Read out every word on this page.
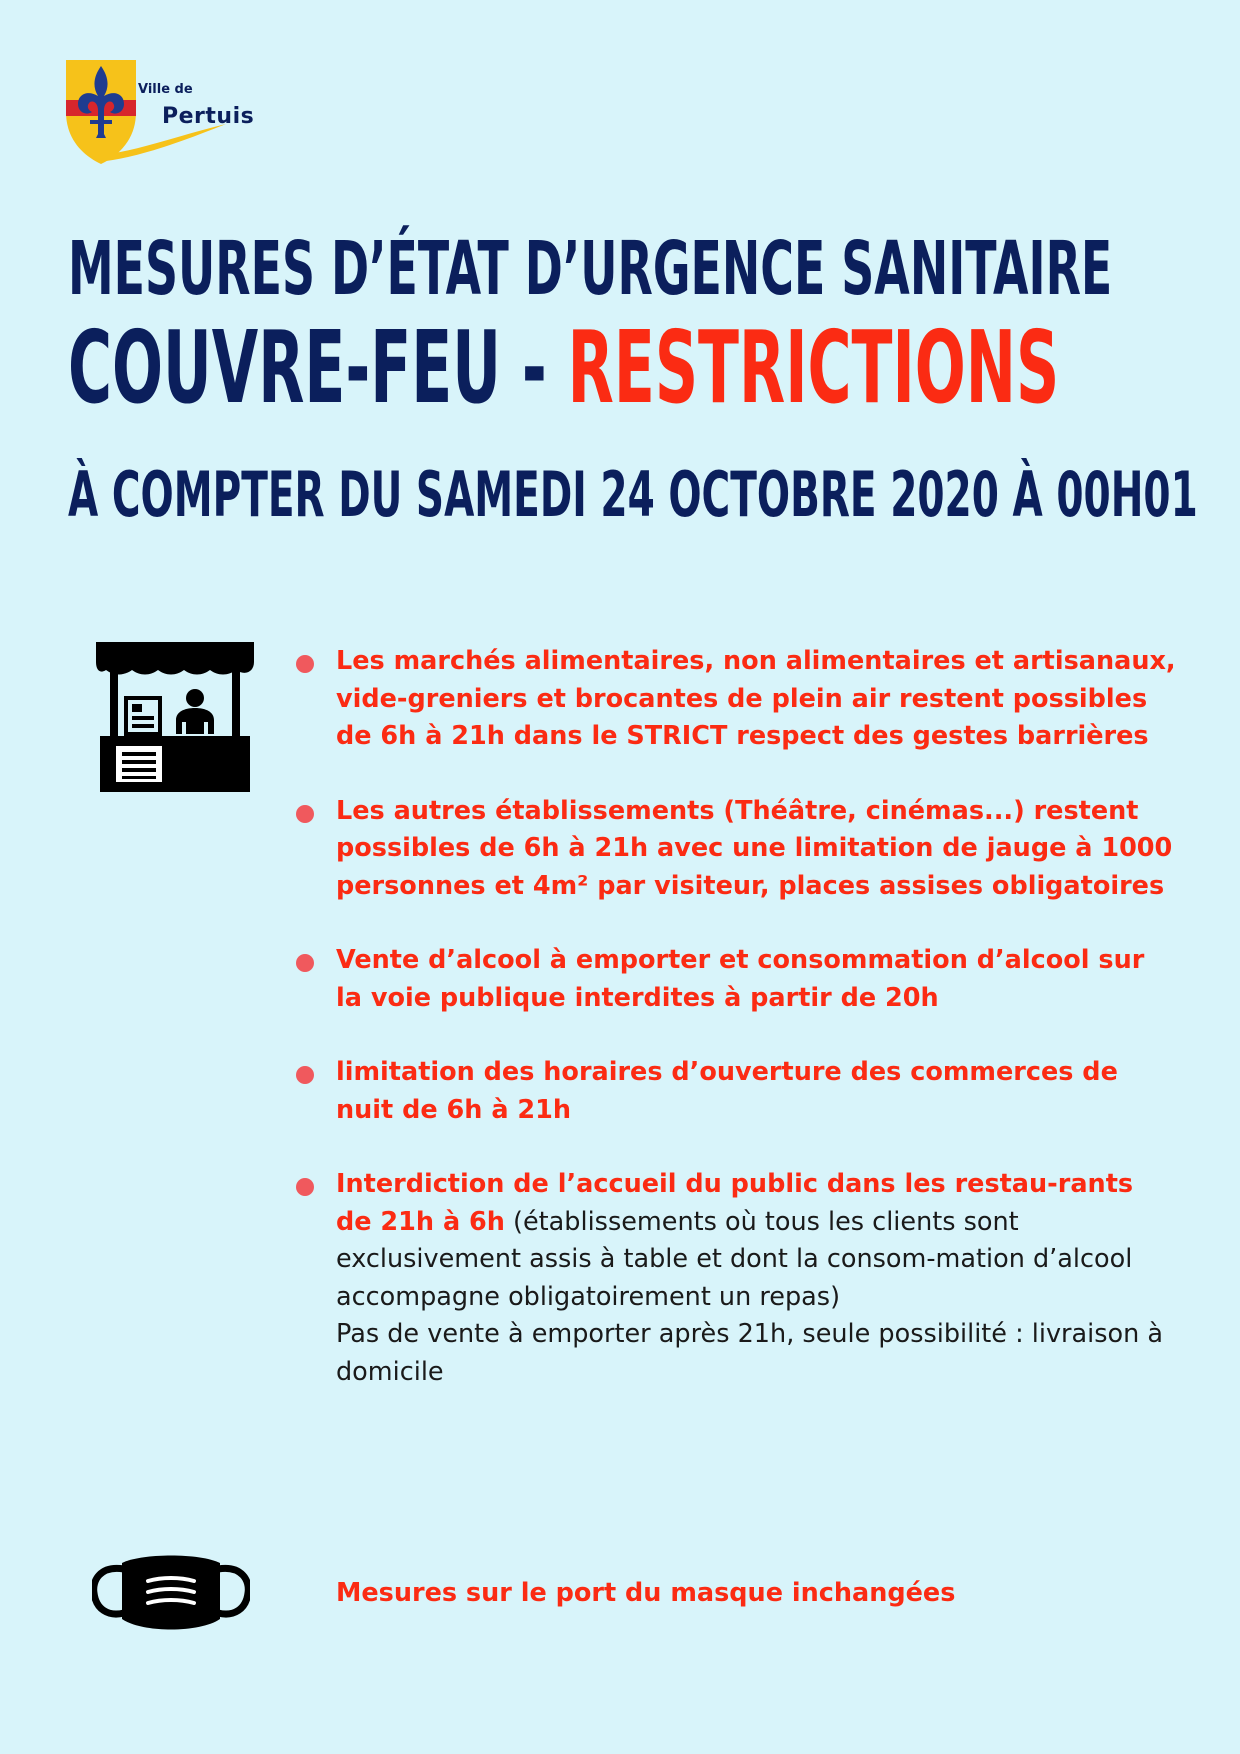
Ville de
Pertuis
MESURES D’ÉTAT D’URGENCE SANITAIRE
COUVRE-FEU - RESTRICTIONS
À COMPTER DU SAMEDI 24 OCTOBRE 2020 À 00H01
Les marchés alimentaires, non alimentaires et artisanaux, vide-greniers et brocantes de plein air restent possibles de 6h à 21h dans le STRICT respect des gestes barrières
Les autres établissements (Théâtre, cinémas...) restent possibles de 6h à 21h avec une limitation de jauge à 1000 personnes et 4m² par visiteur, places assises obligatoires
Vente d’alcool à emporter et consommation d’alcool sur la voie publique interdites à partir de 20h
limitation des horaires d’ouverture des commerces de nuit de 6h à 21h
Interdiction de l’accueil du public dans les restau-rants de 21h à 6h (établissements où tous les clients sont exclusivement assis à table et dont la consom-mation d’alcool accompagne obligatoirement un repas)
Pas de vente à emporter après 21h, seule possibilité : livraison à domicile
Mesures sur le port du masque inchangées
